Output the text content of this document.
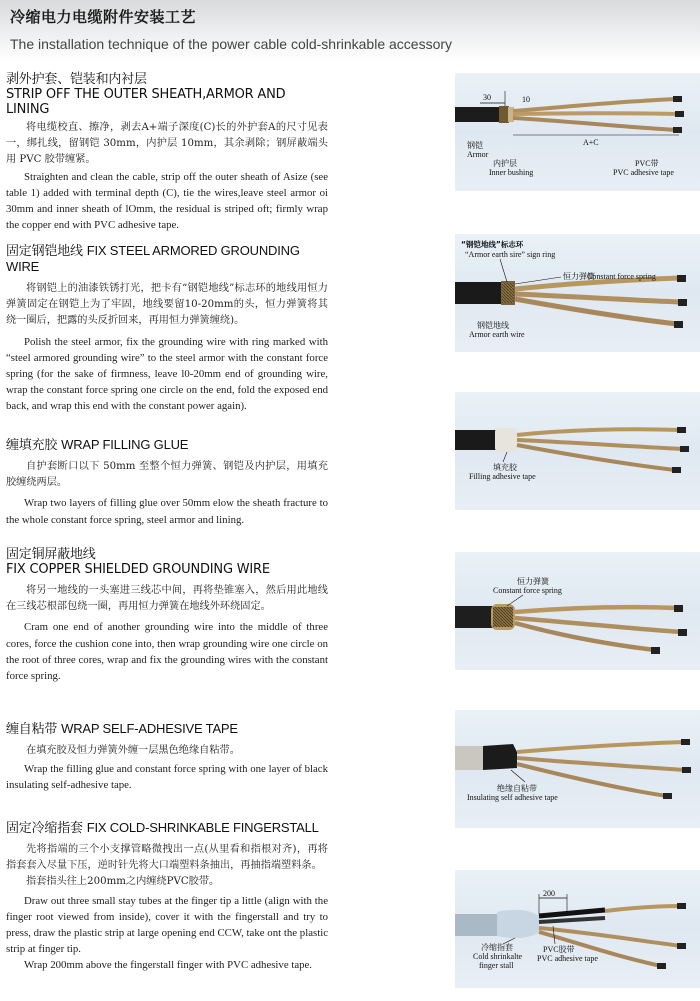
冷缩电力电缆附件安装工艺
The installation technique of the power cable cold-shrinkable accessory
剥外护套、铠装和内衬层
STRIP OFF THE OUTER SHEATH,ARMOR AND LINING

将电缆校直、擦净，剥去A+端子深度(C)长的外护套A的尺寸见表一，绑扎线，留钢铠 30mm，内护层 10mm，其余剥除；钢屏蔽端头用 PVC 胶带缠紧。

Straighten and clean the cable, strip off the outer sheath of Asize (see table 1) added with terminal depth (C), tie the wires,leave steel armor oi 30mm and inner sheath of lOmm, the residual is striped oft; firmly wrap the copper end with PVC adhesive tape.

30	10
A+C
钢铠
Armor
内护层
Inner bushing
PVC带
PVC adhesive tape
固定钢铠地线 FIX STEEL ARMORED GROUNDING WIRE

将钢铠上的油漆铁锈打光，把卡有“钢铠地线”标志环的地线用恒力弹簧固定在钢铠上为了牢固，地线要留10-20mm的头，恒力弹簧将其绕一圈后，把露的头反折回来，再用恒力弹簧缠绕)。

Polish the steel armor, fix the grounding wire with ring marked with “steel armored grounding wire” to the steel armor with the constant force spring (for the sake of firmness, leave l0-20mm end of grounding wire, wrap the constant force spring one circle on the end, fold the exposed end back, and wrap this end with the constant power again).

“钢铠地线”标志环
“Armor earth sire” sign ring
恒力弹簧
Constant force spring
钢铠地线
Armor earth wire
缠填充胶 WRAP FILLING GLUE

自护套断口以下 50mm 至整个恒力弹簧、钢铠及内护层，用填充胶缠绕两层。

Wrap two layers of filling glue over 50mm elow the sheath fracture to the whole constant force spring, steel armor and lining.

填充胶
Filling adhesive tape
固定铜屏蔽地线
FIX COPPER SHIELDED GROUNDING WIRE

将另一地线的一头塞进三线芯中间，再将垫锥塞入，然后用此地线在三线芯根部包绕一圈，再用恒力弹簧在地线外环绕固定。

Cram one end of another grounding wire into the middle of three cores, force the cushion cone into, then wrap grounding wire one circle on the root of three cores, wrap and fix the grounding wires with the constant force spring.

恒力弹簧
Constant force spring
缠自粘带 WRAP SELF-ADHESIVE TAPE

在填充胶及恒力弹簧外缠一层黑色绝缘自粘带。

Wrap the filling glue and constant force spring with one layer of black insulating self-adhesive tape.	绝缘自粘带
Insulating self adhesive tape
固定冷缩指套 FIX COLD-SHRINKABLE FINGERSTALL

先将指端的三个小支撑管略微拽出一点(从里看和指根对齐)，再将指套套入尽量下压，逆时针先将大口端塑料条抽出，再抽指端塑料条。

指套指头往上200mm之内缠绕PVC胶带。

Draw out three small stay tubes at the finger tip a little (align with the finger root viewed from inside), cover it with the fingerstall and try to press, draw the plastic strip at large opening end CCW, take ont the plastic strip at finger tip.

Wrap 200mm above the fingerstall finger with PVC adhesive tape.

200
冷缩指套
Cold shrinkalte
finger stall
PVC胶带
PVC adhesive tape
